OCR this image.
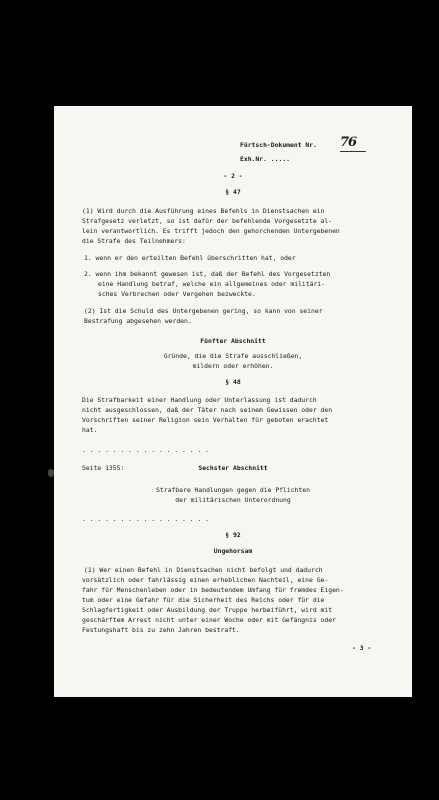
Fürtsch-Dokument Nr. 76
Exh.Nr. .....
- 2 -
§ 47
(1) Wird durch die Ausführung eines Befehls in Dienstsachen ein
Strafgesetz verletzt, so ist dafür der befehlende Vorgesetzte al-
lein verantwortlich. Es trifft jedoch den gehorchenden Untergebenen
die Strafe des Teilnehmers:
1. wenn er den erteilten Befehl überschritten hat, oder
2. wenn ihm bekannt gewesen ist, daß der Befehl des Vorgesetzten
eine Handlung betraf, welche ein allgemeines oder militäri-
sches Verbrechen oder Vergehen bezweckte.
(2) Ist die Schuld des Untergebenen gering, so kann von seiner
Bestrafung abgesehen werden.
Fünfter Abschnitt
Gründe, die die Strafe ausschließen,
mildern oder erhöhen.
§ 48
Die Strafbarkeit einer Handlung oder Unterlassung ist dadurch
nicht ausgeschlossen, daß der Täter nach seinem Gewissen oder den
Vorschriften seiner Religion sein Verhalten für geboten erachtet
hat.
. . . . . . . . . . . . . . . . .
Seite 1355:	Sechster Abschnitt
Strafbare Handlungen gegen die Pflichten
der militärischen Unterordnung
. . . . . . . . . . . . . . . . .
§ 92
Ungehorsam
(1) Wer einen Befehl in Dienstsachen nicht befolgt und dadurch
vorsätzlich oder fahrlässig einen erheblichen Nachteil, eine Ge-
fahr für Menschenleben oder in bedeutendem Umfang für fremdes Eigen-
tum oder eine Gefahr für die Sicherheit des Reichs oder für die
Schlagfertigkeit oder Ausbildung der Truppe herbeiführt, wird mit
geschärftem Arrest nicht unter einer Woche oder mit Gefängnis oder
Festungshaft bis zu zehn Jahren bestraft.
- 3 -
